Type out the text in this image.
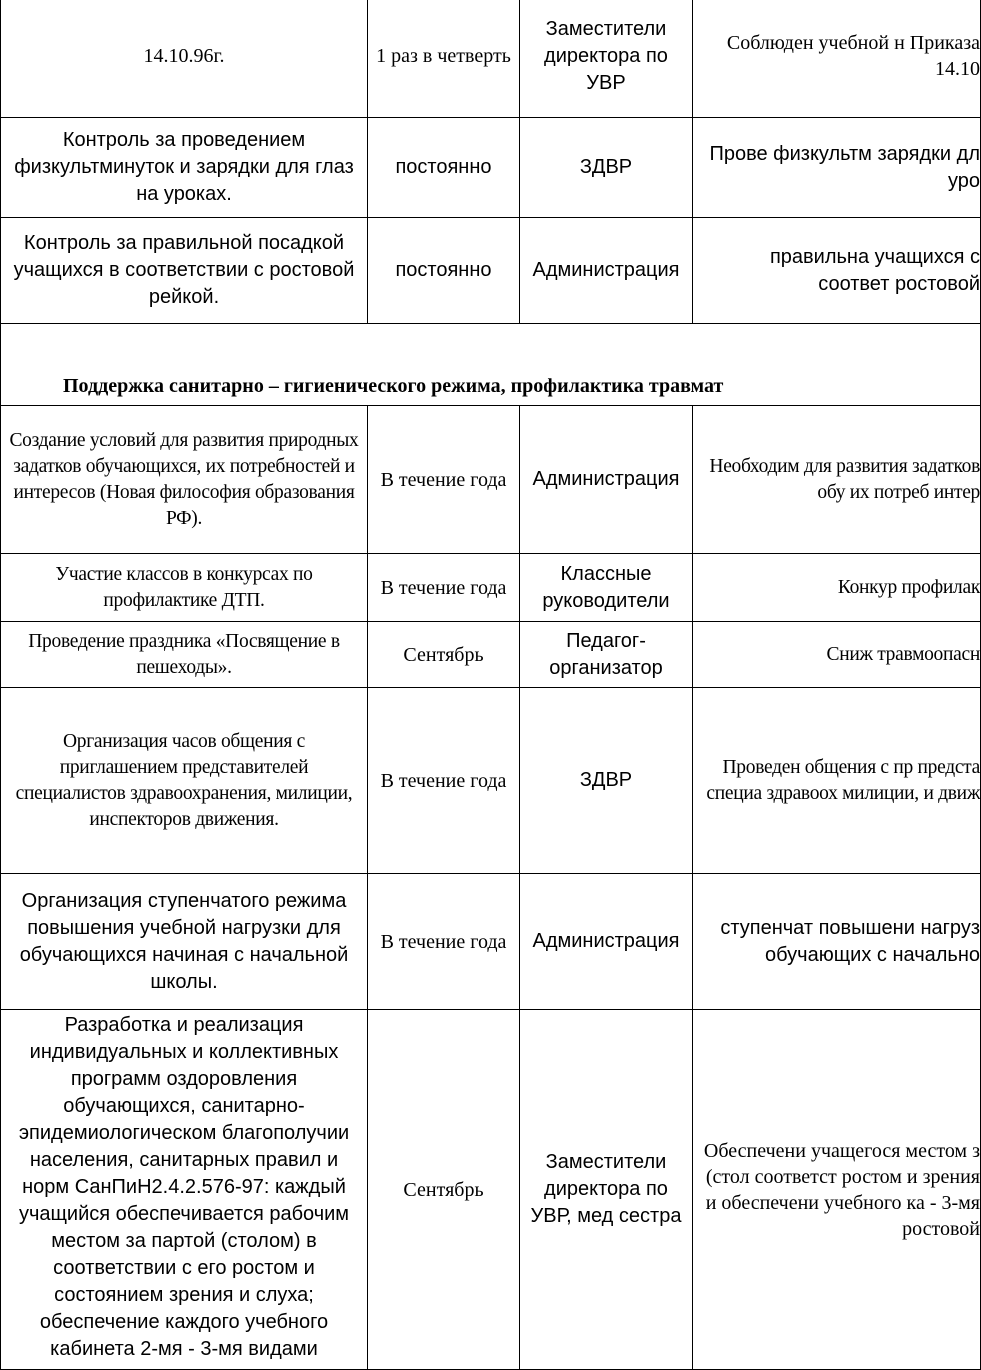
14.10.96г.	1 раз в четверть	Заместители директора по УВР	Соблюден учебной н Приказа 14.10
Контроль за проведением физкультминуток и зарядки для глаз на уроках.	постоянно	ЗДВР	Прове физкультм зарядки дл уро
Контроль за правильной посадкой учащихся в соответствии с ростовой рейкой.	постоянно	Администрация	правильна учащихся с соответ ростовой
Поддержка санитарно – гигиенического режима, профилактика травмат			
Создание условий для развития природных задатков обучающихся, их потребностей и интересов (Новая философия образования РФ).	В течение года	Администрация	Необходим для развития задатков обу их потреб интер
Участие классов в конкурсах по профилактике ДТП.	В течение года	Классные руководители	Конкур профилак
Проведение праздника «Посвящение в пешеходы».	Сентябрь	Педагог-организатор	Сниж травмоопасн
Организация часов общения с приглашением представителей специалистов здравоохранения, милиции, инспекторов движения.	В течение года	ЗДВР	Проведен общения с пр предста специа здравоох милиции, и движ
Организация ступенчатого режима повышения учебной нагрузки для обучающихся начиная с начальной школы.	В течение года	Администрация	ступенчат повышени нагруз обучающих с начально
Разработка и реализация индивидуальных и коллективных программ оздоровления обучающихся, санитарно-эпидемиологическом благополучии населения, санитарных правил и норм СанПиН2.4.2.576-97: каждый учащийся обеспечивается рабочим местом за партой (столом) в соответствии с его ростом и состоянием зрения и слуха; обеспечение каждого учебного кабинета 2-мя - 3-мя видами	Сентябрь	Заместители директора по УВР, мед сестра	Обеспечени учащегося местом з (стол соответст ростом и зрения и обеспечени учебного ка - 3-мя ростовой
